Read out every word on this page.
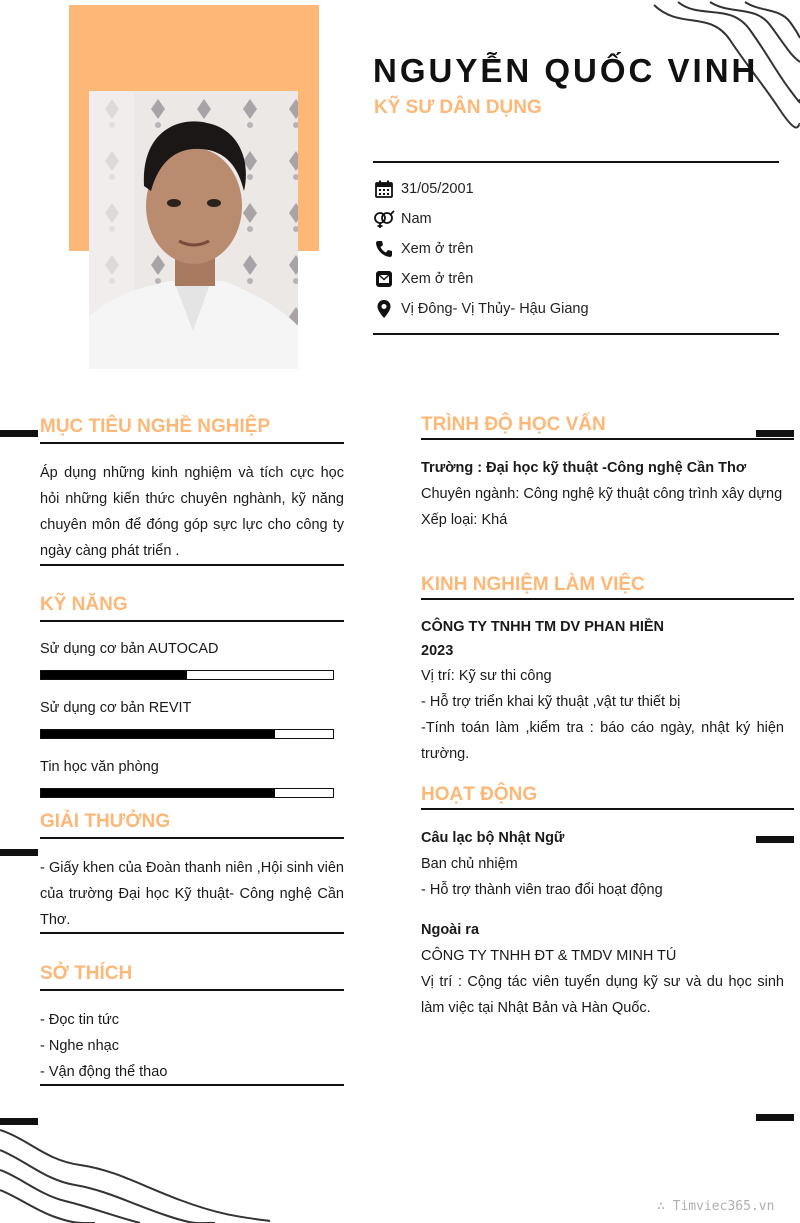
NGUYỄN QUỐC VINH
KỸ SƯ DÂN DỤNG
31/05/2001
Nam
Xem ở trên
Xem ở trên
Vị Đông- Vị Thủy- Hậu Giang
MỤC TIÊU NGHỀ NGHIỆP
Áp dụng những kinh nghiệm và tích cực học hỏi những kiến thức chuyên nghành, kỹ năng chuyên môn để đóng góp sực lực cho công ty ngày càng phát triển .
KỸ NĂNG
Sử dụng cơ bản AUTOCAD
Sử dụng cơ bản REVIT
Tin học văn phòng
GIẢI THƯỞNG
- Giấy khen của Đoàn thanh niên ,Hội sinh viên của trường Đại học Kỹ thuật- Công nghệ Cần Thơ.
SỞ THÍCH
- Đọc tin tức
- Nghe nhạc
- Vận động thể thao
TRÌNH ĐỘ HỌC VẤN
Trường : Đại học kỹ thuật -Công nghệ Cần Thơ
Chuyên ngành: Công nghệ kỹ thuật công trình xây dựng
Xếp loại: Khá
KINH NGHIỆM LÀM VIỆC
CÔNG TY TNHH TM DV PHAN HIỀN
2023
Vị trí: Kỹ sư thi công
- Hỗ trợ triển khai kỹ thuật ,vật tư thiết bị
-Tính toán làm ,kiểm tra : báo cáo ngày, nhật ký hiện trường.
HOẠT ĐỘNG
Câu lạc bộ Nhật Ngữ
Ban chủ nhiệm
- Hỗ trợ thành viên trao đổi hoạt động
Ngoài ra
CÔNG TY TNHH ĐT & TMDV MINH TÚ
Vị trí : Cộng tác viên tuyển dụng kỹ sư và du học sinh làm việc tại Nhật Bản và Hàn Quốc.
∴ Timviec365.vn
